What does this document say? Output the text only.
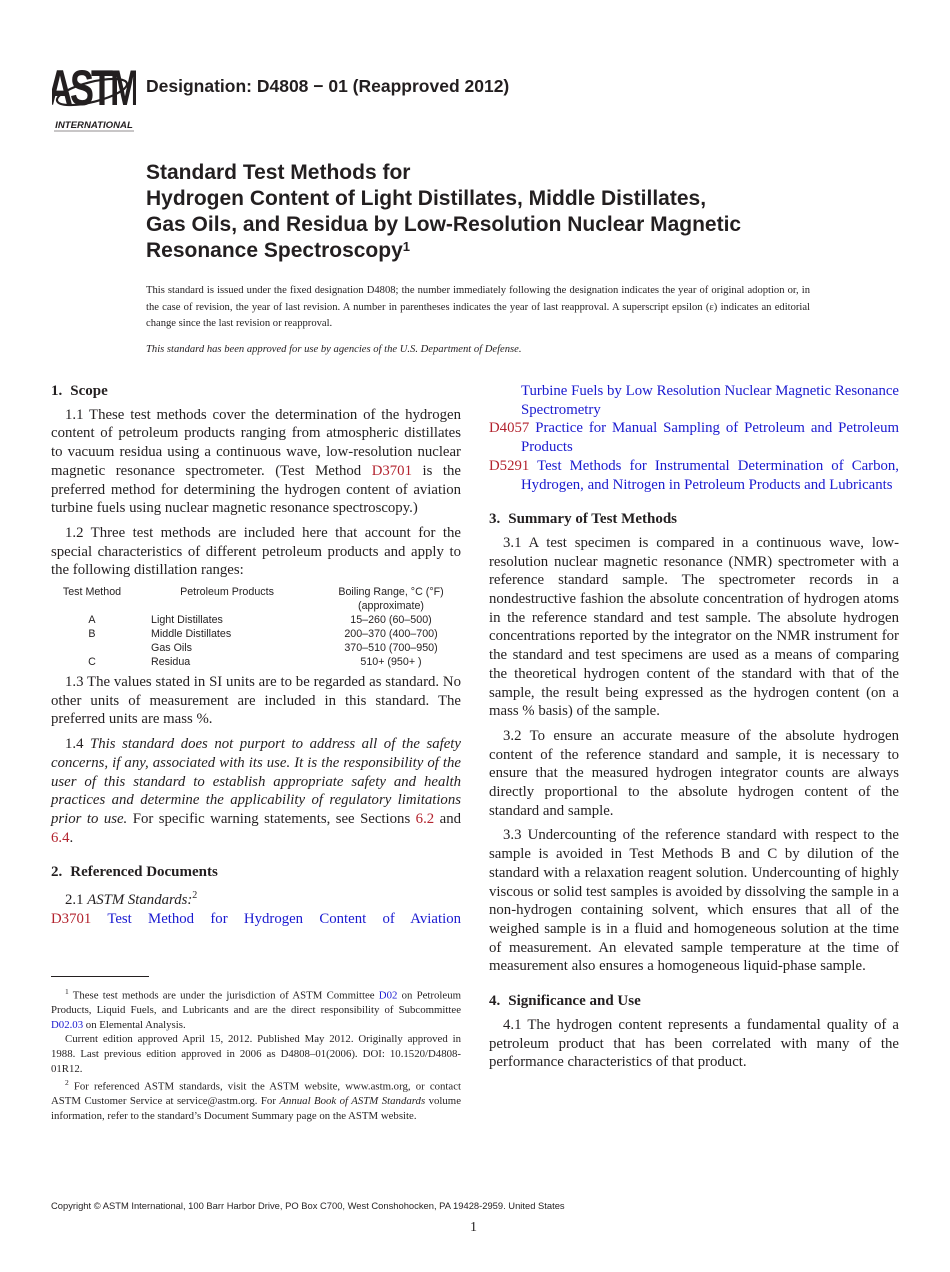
ASTM
INTERNATIONAL
Designation: D4808 − 01 (Reapproved 2012)
Standard Test Methods for
Hydrogen Content of Light Distillates, Middle Distillates,
Gas Oils, and Residua by Low-Resolution Nuclear Magnetic
Resonance Spectroscopy$^1$

This standard is issued under the fixed designation D4808; the number immediately following the designation indicates the year of original adoption or, in the case of revision, the year of last revision. A number in parentheses indicates the year of last reapproval. A superscript epsilon (ε) indicates an editorial change since the last revision or reapproval.

This standard has been approved for use by agencies of the U.S. Department of Defense.

1. Scope

1.1 These test methods cover the determination of the hydrogen content of petroleum products ranging from atmospheric distillates to vacuum residua using a continuous wave, low-resolution nuclear magnetic resonance spectrometer. (Test Method D3701 is the preferred method for determining the hydrogen content of aviation turbine fuels using nuclear magnetic resonance spectroscopy.)

1.2 Three test methods are included here that account for the special characteristics of different petroleum products and apply to the following distillation ranges:

Test Method	Petroleum Products	Boiling Range, °C (°F)
		(approximate)
A	Light Distillates	15–260 (60–500)
B	Middle Distillates	200–370 (400–700)
	Gas Oils	370–510 (700–950)
C	Residua	510+ (950+ )

1.3 The values stated in SI units are to be regarded as standard. No other units of measurement are included in this standard. The preferred units are mass %.

1.4 This standard does not purport to address all of the safety concerns, if any, associated with its use. It is the responsibility of the user of this standard to establish appropriate safety and health practices and determine the applicability of regulatory limitations prior to use. For specific warning statements, see Sections 6.2 and 6.4.

2. Referenced Documents

2.1 ASTM Standards:$^2$

D3701 Test Method for Hydrogen Content of Aviation

$^1$ These test methods are under the jurisdiction of ASTM Committee D02 on Petroleum Products, Liquid Fuels, and Lubricants and are the direct responsibility of Subcommittee D02.03 on Elemental Analysis.

Current edition approved April 15, 2012. Published May 2012. Originally approved in 1988. Last previous edition approved in 2006 as D4808–01(2006). DOI: 10.1520/D4808-01R12.

$^2$ For referenced ASTM standards, visit the ASTM website, www.astm.org, or contact ASTM Customer Service at service@astm.org. For Annual Book of ASTM Standards volume information, refer to the standard’s Document Summary page on the ASTM website.

Turbine Fuels by Low Resolution Nuclear Magnetic Resonance Spectrometry

D4057 Practice for Manual Sampling of Petroleum and Petroleum Products

D5291 Test Methods for Instrumental Determination of Carbon, Hydrogen, and Nitrogen in Petroleum Products and Lubricants

3. Summary of Test Methods

3.1 A test specimen is compared in a continuous wave, low-resolution nuclear magnetic resonance (NMR) spectrometer with a reference standard sample. The spectrometer records in a nondestructive fashion the absolute concentration of hydrogen atoms in the reference standard and test sample. The absolute hydrogen concentrations reported by the integrator on the NMR instrument for the standard and test specimens are used as a means of comparing the theoretical hydrogen content of the standard with that of the sample, the result being expressed as the hydrogen content (on a mass % basis) of the sample.

3.2 To ensure an accurate measure of the absolute hydrogen content of the reference standard and sample, it is necessary to ensure that the measured hydrogen integrator counts are always directly proportional to the absolute hydrogen content of the standard and sample.

3.3 Undercounting of the reference standard with respect to the sample is avoided in Test Methods B and C by dilution of the standard with a relaxation reagent solution. Undercounting of highly viscous or solid test samples is avoided by dissolving the sample in a non-hydrogen containing solvent, which ensures that all of the weighed sample is in a fluid and homogeneous solution at the time of measurement. An elevated sample temperature at the time of measurement also ensures a homogeneous liquid-phase sample.

4. Significance and Use

4.1 The hydrogen content represents a fundamental quality of a petroleum product that has been correlated with many of the performance characteristics of that product.

Copyright © ASTM International, 100 Barr Harbor Drive, PO Box C700, West Conshohocken, PA 19428-2959. United States
1
